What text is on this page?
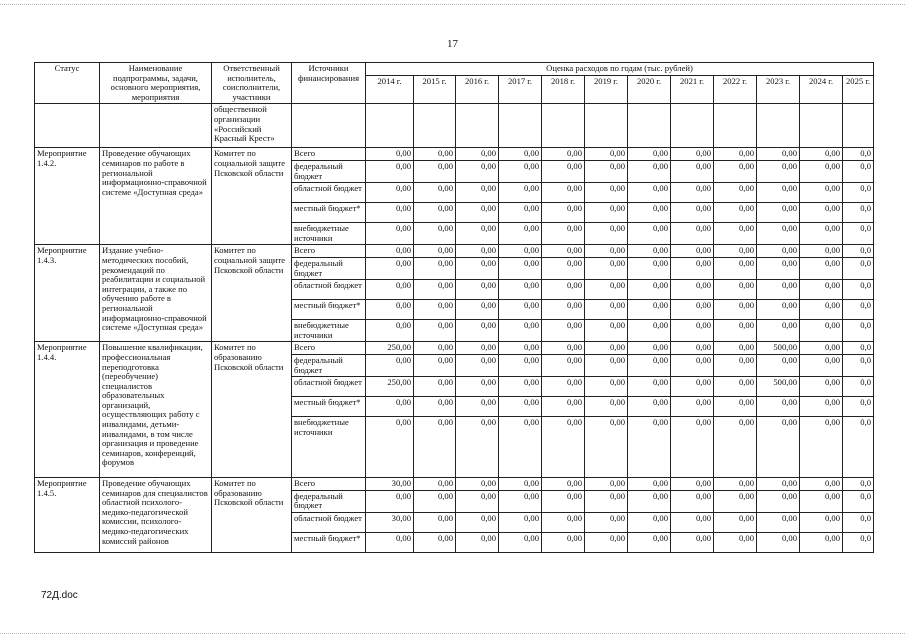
17
Статус	Наименование подпрограммы, задачи, основного мероприятия, мероприятия	Ответственный исполнитель, соисполнители, участники	Источники финансирования	Оценка расходов по годам (тыс. рублей)											
				2014 г.	2015 г.	2016 г.	2017 г.	2018 г.	2019 г.	2020 г.	2021 г.	2022 г.	2023 г.	2024 г.	2025 г.
		общественной организации «Российский Красный Крест»													
Мероприятие 1.4.2.	Проведение обучающих семинаров по работе в региональной информационно-справочной системе «Доступная среда»	Комитет по социальной защите Псковской области	Всего	0,00	0,00	0,00	0,00	0,00	0,00	0,00	0,00	0,00	0,00	0,00	0,0
			федеральный бюджет	0,00	0,00	0,00	0,00	0,00	0,00	0,00	0,00	0,00	0,00	0,00	0,0
			областной бюджет	0,00	0,00	0,00	0,00	0,00	0,00	0,00	0,00	0,00	0,00	0,00	0,0
			местный бюджет*	0,00	0,00	0,00	0,00	0,00	0,00	0,00	0,00	0,00	0,00	0,00	0,0
			внебюджетные источники	0,00	0,00	0,00	0,00	0,00	0,00	0,00	0,00	0,00	0,00	0,00	0,0
Мероприятие 1.4.3.	Издание учебно-методических пособий, рекомендаций по реабилитации и социальной интеграции, а также по обучению работе в региональной информационно-справочной системе «Доступная среда»	Комитет по социальной защите Псковской области	Всего	0,00	0,00	0,00	0,00	0,00	0,00	0,00	0,00	0,00	0,00	0,00	0,0
			федеральный бюджет	0,00	0,00	0,00	0,00	0,00	0,00	0,00	0,00	0,00	0,00	0,00	0,0
			областной бюджет	0,00	0,00	0,00	0,00	0,00	0,00	0,00	0,00	0,00	0,00	0,00	0,0
			местный бюджет*	0,00	0,00	0,00	0,00	0,00	0,00	0,00	0,00	0,00	0,00	0,00	0,0
			внебюджетные источники	0,00	0,00	0,00	0,00	0,00	0,00	0,00	0,00	0,00	0,00	0,00	0,0
Мероприятие 1.4.4.	Повышение квалификации, профессиональная переподготовка (переобучение) специалистов образовательных организаций, осуществляющих работу с инвалидами, детьми-инвалидами, в том числе организация и проведение семинаров, конференций, форумов	Комитет по образованию Псковской области	Всего	250,00	0,00	0,00	0,00	0,00	0,00	0,00	0,00	0,00	500,00	0,00	0,0
			федеральный бюджет	0,00	0,00	0,00	0,00	0,00	0,00	0,00	0,00	0,00	0,00	0,00	0,0
			областной бюджет	250,00	0,00	0,00	0,00	0,00	0,00	0,00	0,00	0,00	500,00	0,00	0,0
			местный бюджет*	0,00	0,00	0,00	0,00	0,00	0,00	0,00	0,00	0,00	0,00	0,00	0,0
			внебюджетные источники	0,00	0,00	0,00	0,00	0,00	0,00	0,00	0,00	0,00	0,00	0,00	0,0
Мероприятие 1.4.5.	Проведение обучающих семинаров для специалистов областной психолого-медико-педагогической комиссии, психолого-медико-педагогических комиссий районов	Комитет по образованию Псковской области	Всего	30,00	0,00	0,00	0,00	0,00	0,00	0,00	0,00	0,00	0,00	0,00	0,0
			федеральный бюджет	0,00	0,00	0,00	0,00	0,00	0,00	0,00	0,00	0,00	0,00	0,00	0,0
			областной бюджет	30,00	0,00	0,00	0,00	0,00	0,00	0,00	0,00	0,00	0,00	0,00	0,0
			местный бюджет*	0,00	0,00	0,00	0,00	0,00	0,00	0,00	0,00	0,00	0,00	0,00	0,0
72Д.doc
